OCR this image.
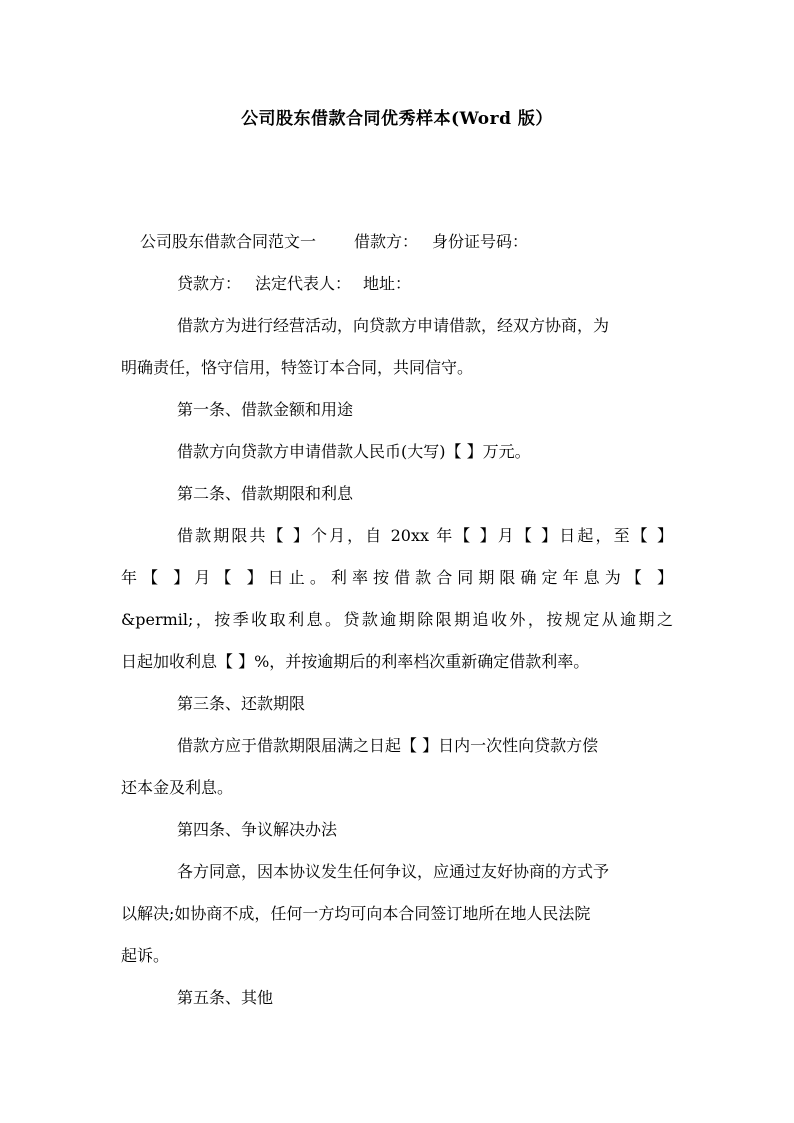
公司股东借款合同优秀样本(Word 版）

公司股东借款合同范文一 借款方： 身份证号码：

贷款方： 法定代表人： 地址：

借款方为进行经营活动，向贷款方申请借款，经双方协商，为

明确责任，恪守信用，特签订本合同，共同信守。

第一条、借款金额和用途

借款方向贷款方申请借款人民币(大写)【 】万元。

第二条、借款期限和利息

借款期限共【 】个月，自 20xx 年【 】月【 】日起，至【 】

年【 】月【 】日止。利率按借款合同期限确定年息为【 】

&permil;，按季收取利息。贷款逾期除限期追收外，按规定从逾期之

日起加收利息【 】%，并按逾期后的利率档次重新确定借款利率。

第三条、还款期限

借款方应于借款期限届满之日起【 】日内一次性向贷款方偿

还本金及利息。

第四条、争议解决办法

各方同意，因本协议发生任何争议，应通过友好协商的方式予

以解决;如协商不成，任何一方均可向本合同签订地所在地人民法院

起诉。

第五条、其他
